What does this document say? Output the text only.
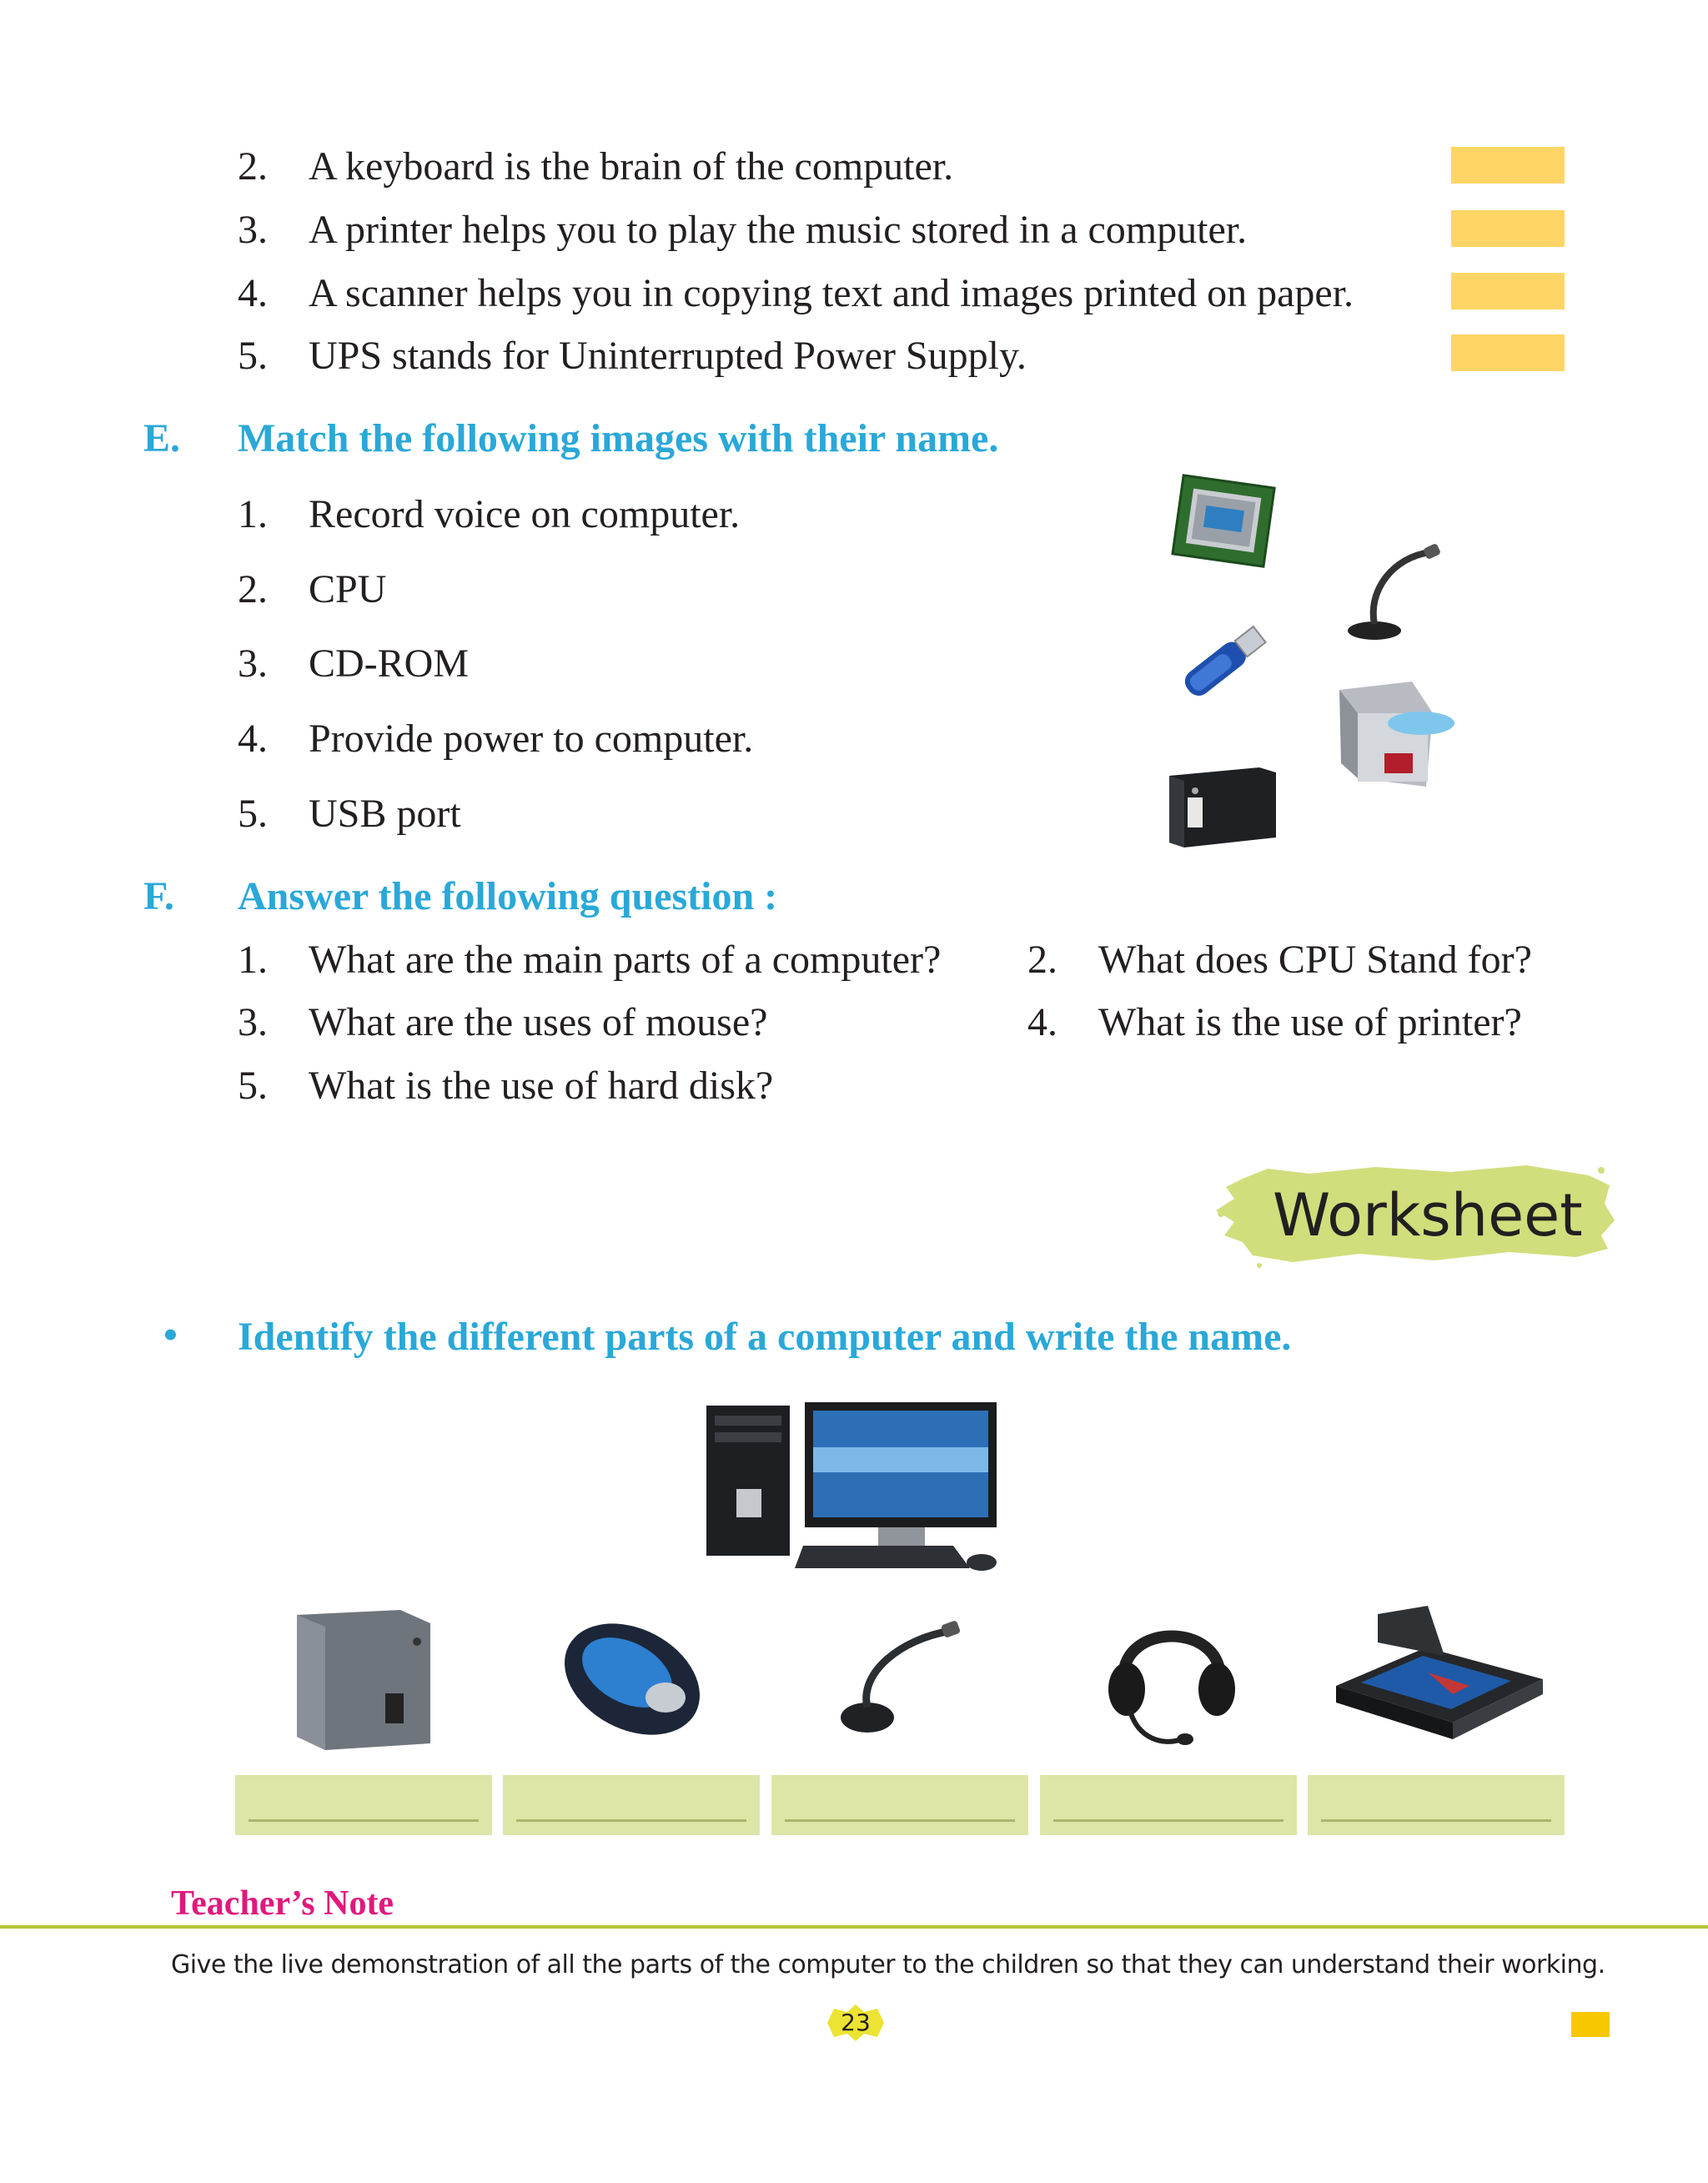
2. A keyboard is the brain of the computer.
3. A printer helps you to play the music stored in a computer.
4. A scanner helps you in copying text and images printed on paper.
5. UPS stands for Uninterrupted Power Supply.
E. Match the following images with their name.
1. Record voice on computer.
2. CPU
3. CD-ROM
4. Provide power to computer.
5. USB port
F. Answer the following question :
1. What are the main parts of a computer? 2. What does CPU Stand for?
3. What are the uses of mouse?	4. What is the use of printer?
5. What is the use of hard disk?
Worksheet
• Identify the different parts of a computer and write the name.
Teacher’s Note
Give the live demonstration of all the parts of the computer to the children so that they can understand their working.
23
